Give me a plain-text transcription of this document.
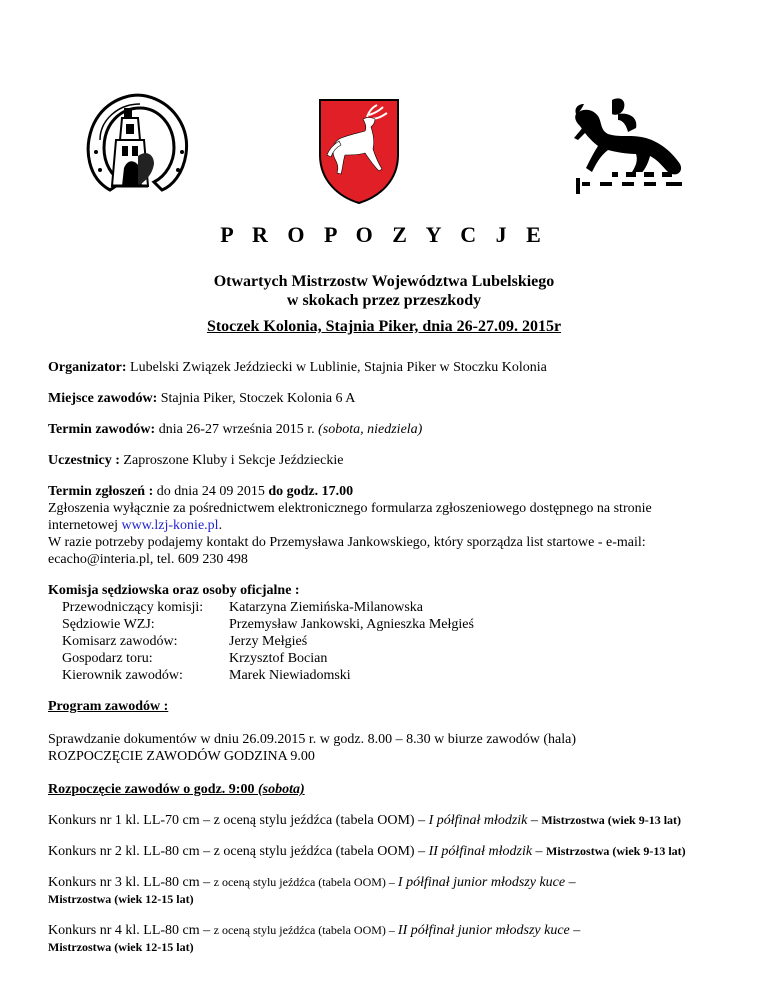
P R O P O Z Y C J E
Otwartych Mistrzostw Województwa Lubelskiego
w skokach przez przeszkody
Stoczek Kolonia, Stajnia Piker, dnia 26-27.09. 2015r

Organizator: Lubelski Związek Jeździecki w Lublinie, Stajnia Piker w Stoczku Kolonia

Miejsce zawodów: Stajnia Piker, Stoczek Kolonia 6 A

Termin zawodów: dnia 26-27 września 2015 r. (sobota, niedziela)

Uczestnicy : Zaproszone Kluby i Sekcje Jeździeckie

Termin zgłoszeń : do dnia 24 09 2015 do godz. 17.00

Zgłoszenia wyłącznie za pośrednictwem elektronicznego formularza zgłoszeniowego dostępnego na stronie internetowej www.lzj-konie.pl.

W razie potrzeby podajemy kontakt do Przemysława Jankowskiego, który sporządza list startowe - e-mail: ecacho@interia.pl, tel. 609 230 498

Komisja sędziowska oraz osoby oficjalne :

Przewodniczący komisji:	Katarzyna Ziemińska-Milanowska
Sędziowie WZJ:	Przemysław Jankowski, Agnieszka Mełgieś
Komisarz zawodów:	Jerzy Mełgieś
Gospodarz toru:	Krzysztof Bocian
Kierownik zawodów:	Marek Niewiadomski

Program zawodów :

Sprawdzanie dokumentów w dniu 26.09.2015 r. w godz. 8.00 – 8.30 w biurze zawodów (hala)

ROZPOCZĘCIE ZAWODÓW GODZINA 9.00

Rozpoczęcie zawodów o godz. 9:00 (sobota)

Konkurs nr 1 kl. LL-70 cm – z oceną stylu jeźdźca (tabela OOM) – I półfinał młodzik – Mistrzostwa (wiek 9-13 lat)

Konkurs nr 2 kl. LL-80 cm – z oceną stylu jeźdźca (tabela OOM) – II półfinał młodzik – Mistrzostwa (wiek 9-13 lat)

Konkurs nr 3 kl. LL-80 cm – z oceną stylu jeźdźca (tabela OOM) – I półfinał junior młodszy kuce –
Mistrzostwa (wiek 12-15 lat)

Konkurs nr 4 kl. LL-80 cm – z oceną stylu jeźdźca (tabela OOM) – II półfinał junior młodszy kuce –
Mistrzostwa (wiek 12-15 lat)
